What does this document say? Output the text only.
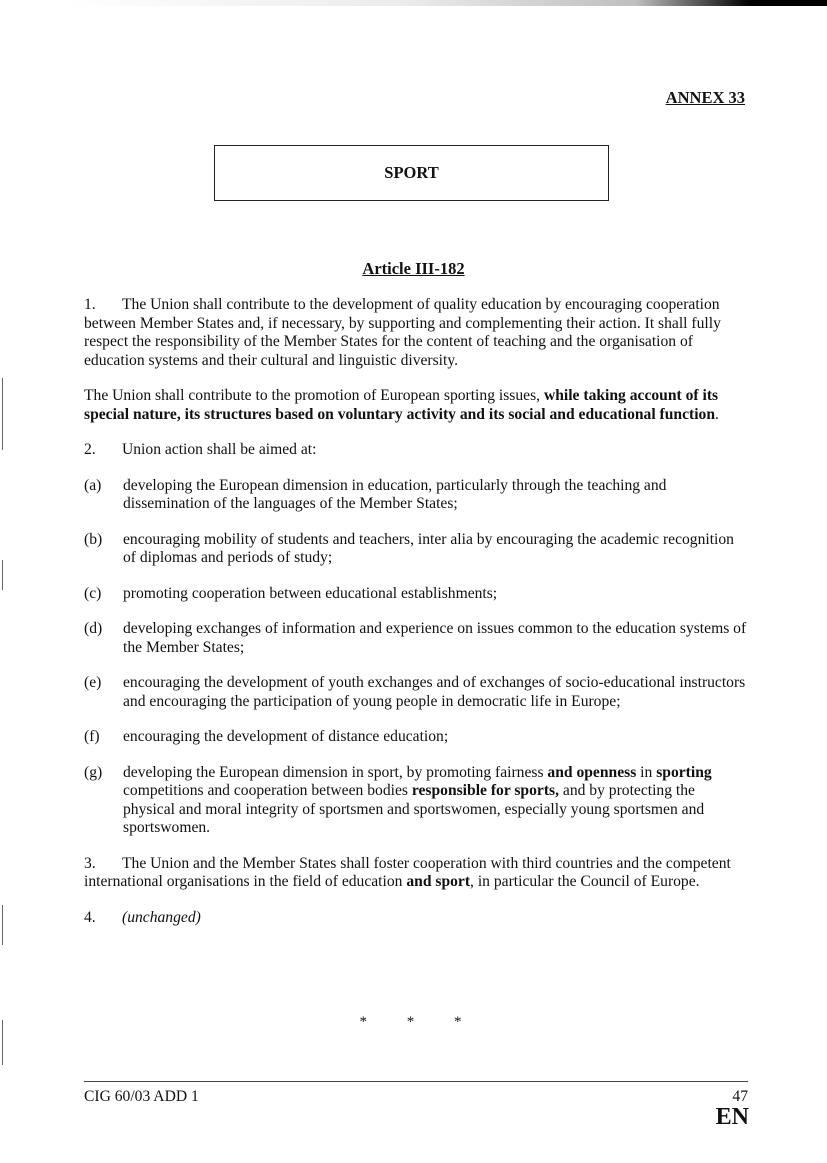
ANNEX 33
SPORT
Article III-182

1. The Union shall contribute to the development of quality education by encouraging cooperation between Member States and, if necessary, by supporting and complementing their action. It shall fully respect the responsibility of the Member States for the content of teaching and the organisation of education systems and their cultural and linguistic diversity.

The Union shall contribute to the promotion of European sporting issues, while taking account of its special nature, its structures based on voluntary activity and its social and educational function.

2. Union action shall be aimed at:

(a)	developing the European dimension in education, particularly through the teaching and dissemination of the languages of the Member States;
(b)	encouraging mobility of students and teachers, inter alia by encouraging the academic recognition of diplomas and periods of study;
(c)	promoting cooperation between educational establishments;
(d)	developing exchanges of information and experience on issues common to the education systems of the Member States;
(e)	encouraging the development of youth exchanges and of exchanges of socio-educational instructors and encouraging the participation of young people in democratic life in Europe;
(f)	encouraging the development of distance education;
(g)	developing the European dimension in sport, by promoting fairness and openness in sporting competitions and cooperation between bodies responsible for sports, and by protecting the physical and moral integrity of sportsmen and sportswomen, especially young sportsmen and sportswomen.

3. The Union and the Member States shall foster cooperation with third countries and the competent international organisations in the field of education and sport, in particular the Council of Europe.

4. (unchanged)

* * *
CIG 60/03 ADD 1	47
EN
